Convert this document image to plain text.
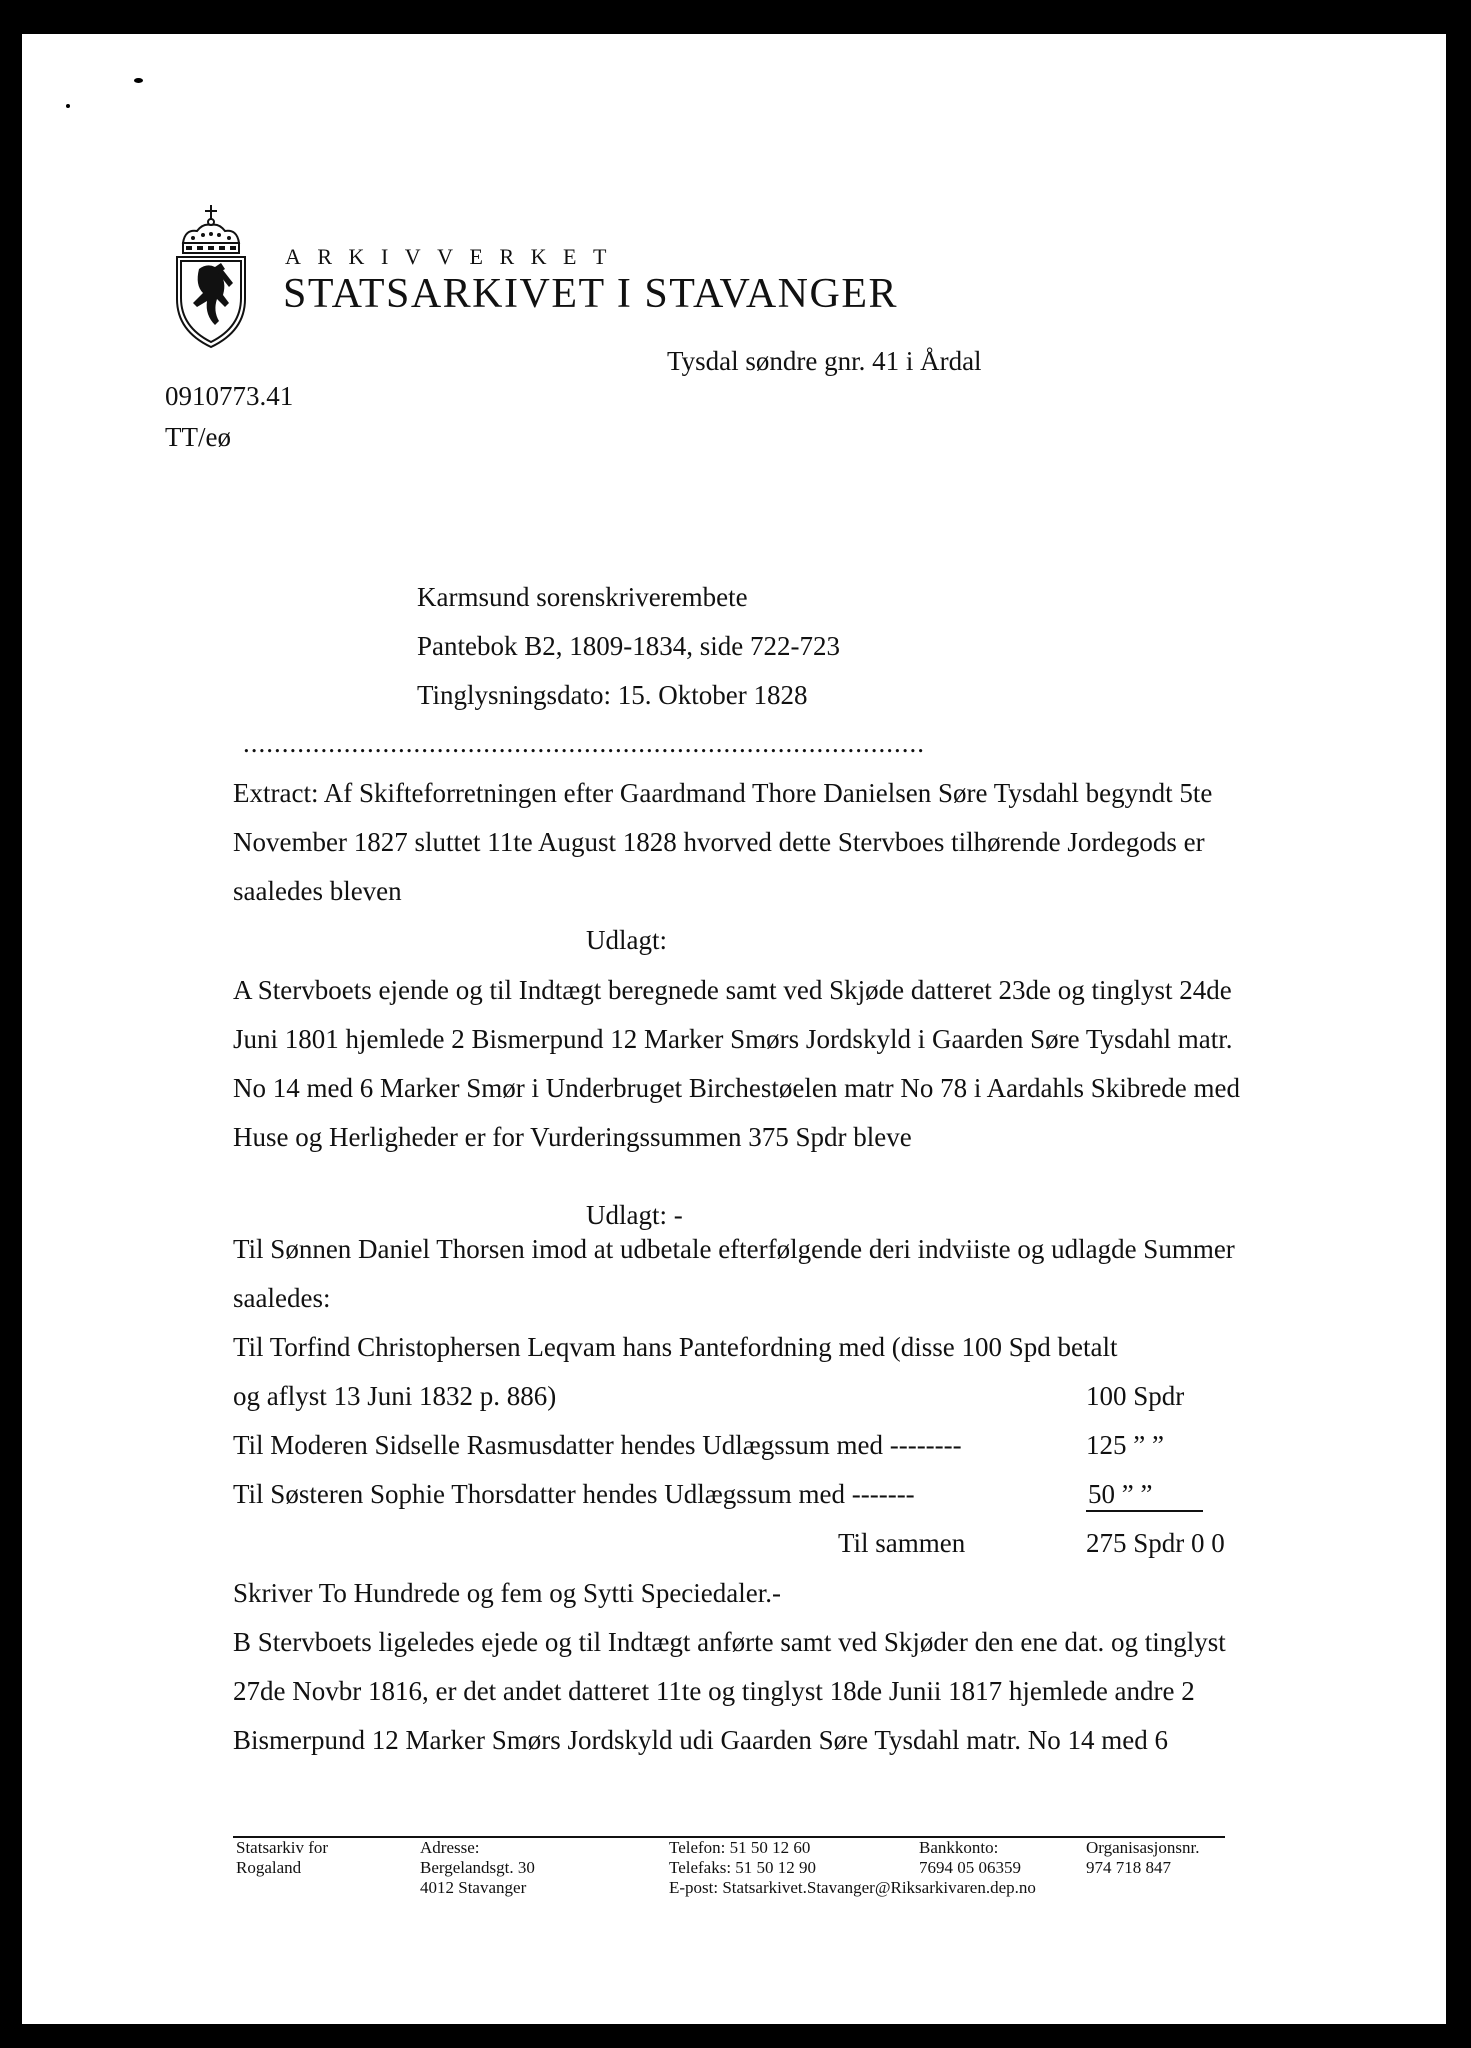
ARKIVVERKET
STATSARKIVET I STAVANGER
Tysdal søndre gnr. 41 i Årdal
0910773.41
TT/eø
Karmsund sorenskriverembete
Pantebok B2, 1809-1834, side 722-723
Tinglysningsdato: 15. Oktober 1828
........................................................................................
Extract: Af Skifteforretningen efter Gaardmand Thore Danielsen Søre Tysdahl begyndt 5te
November 1827 sluttet 11te August 1828 hvorved dette Stervboes tilhørende Jordegods er
saaledes bleven
Udlagt:
A Stervboets ejende og til Indtægt beregnede samt ved Skjøde datteret 23de og tinglyst 24de
Juni 1801 hjemlede 2 Bismerpund 12 Marker Smørs Jordskyld i Gaarden Søre Tysdahl matr.
No 14 med 6 Marker Smør i Underbruget Birchestøelen matr No 78 i Aardahls Skibrede med
Huse og Herligheder er for Vurderingssummen 375 Spdr bleve
Udlagt: -
Til Sønnen Daniel Thorsen imod at udbetale efterfølgende deri indviiste og udlagde Summer
saaledes:
Til Torfind Christophersen Leqvam hans Pantefordning med (disse 100 Spd betalt
og aflyst 13 Juni 1832 p. 886)	100 Spdr
Til Moderen Sidselle Rasmusdatter hendes Udlægssum med --------	125 ” ”
Til Søsteren Sophie Thorsdatter hendes Udlægssum med -------	50 ” ”
Til sammen	275 Spdr 0 0
Skriver To Hundrede og fem og Sytti Speciedaler.-
B Stervboets ligeledes ejede og til Indtægt anførte samt ved Skjøder den ene dat. og tinglyst
27de Novbr 1816, er det andet datteret 11te og tinglyst 18de Junii 1817 hjemlede andre 2
Bismerpund 12 Marker Smørs Jordskyld udi Gaarden Søre Tysdahl matr. No 14 med 6
Statsarkiv for
Rogaland
Adresse:
Bergelandsgt. 30
4012 Stavanger
Telefon: 51 50 12 60
Telefaks: 51 50 12 90
E-post: Statsarkivet.Stavanger@Riksarkivaren.dep.no
Bankkonto:
7694 05 06359
Organisasjonsnr.
974 718 847
